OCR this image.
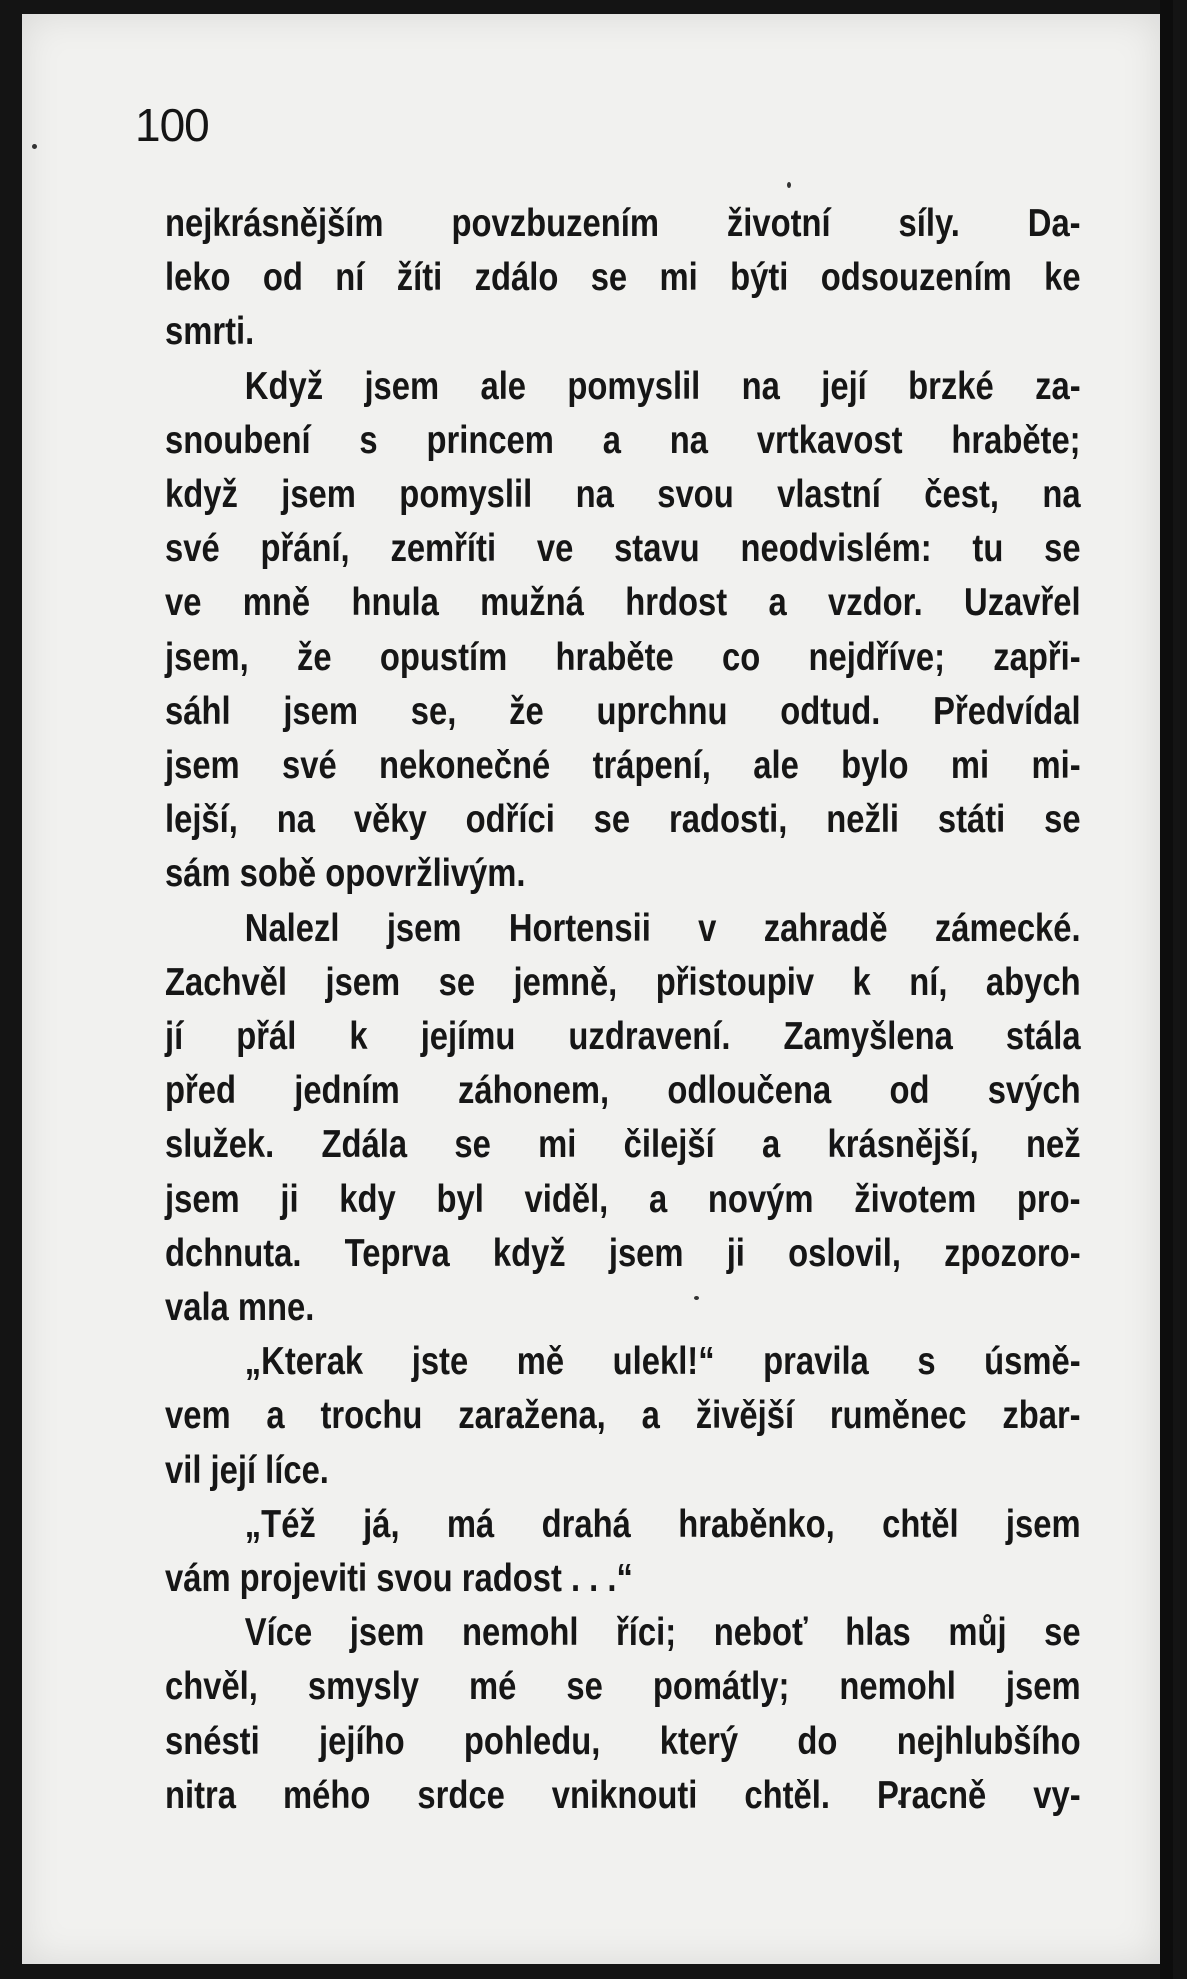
100
nejkrásnějším povzbuzením životní síly. Da-
leko od ní žíti zdálo se mi býti odsouzením ke
smrti.
Když jsem ale pomyslil na její brzké za-
snoubení s princem a na vrtkavost hraběte;
když jsem pomyslil na svou vlastní čest, na
své přání, zemříti ve stavu neodvislém: tu se
ve mně hnula mužná hrdost a vzdor. Uzavřel
jsem, že opustím hraběte co nejdříve; zapři-
sáhl jsem se, že uprchnu odtud. Předvídal
jsem své nekonečné trápení, ale bylo mi mi-
lejší, na věky odříci se radosti, nežli státi se
sám sobě opovržlivým.
Nalezl jsem Hortensii v zahradě zámecké.
Zachvěl jsem se jemně, přistoupiv k ní, abych
jí přál k jejímu uzdravení. Zamyšlena stála
před jedním záhonem, odloučena od svých
služek. Zdála se mi čilejší a krásnější, než
jsem ji kdy byl viděl, a novým životem pro-
dchnuta. Teprva když jsem ji oslovil, zpozoro-
vala mne.
„Kterak jste mě ulekl!“ pravila s úsmě-
vem a trochu zaražena, a živější ruměnec zbar-
vil její líce.
„Též já, má drahá hraběnko, chtěl jsem
vám projeviti svou radost . . .“
Více jsem nemohl říci; neboť hlas můj se
chvěl, smysly mé se pomátly; nemohl jsem
snésti jejího pohledu, který do nejhlubšího
nitra mého srdce vniknouti chtěl. Pracně vy-
